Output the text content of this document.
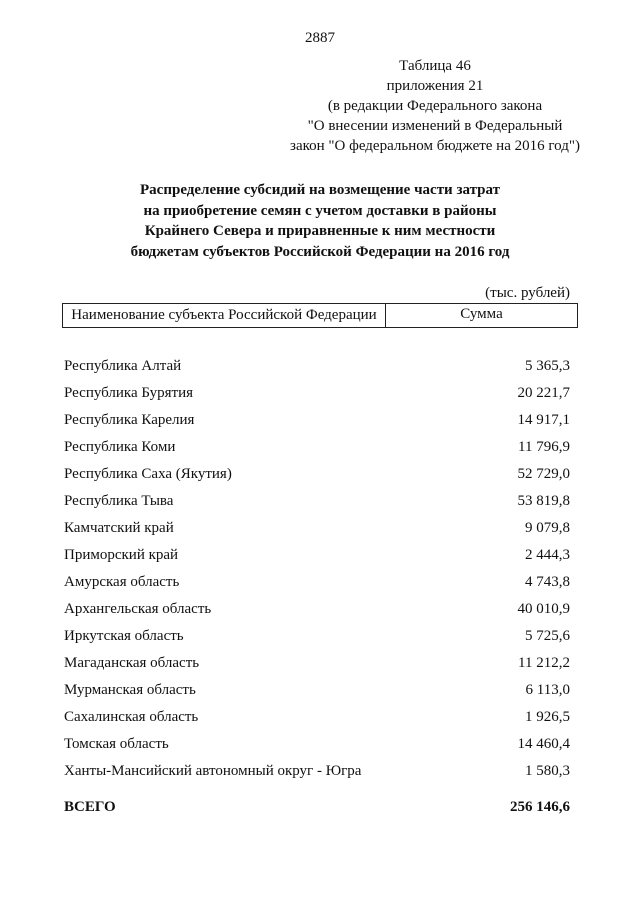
2887
Таблица 46
приложения 21
(в редакции Федерального закона
"О внесении изменений в Федеральный
закон "О федеральном бюджете на 2016 год")
Распределение субсидий на возмещение части затрат
на приобретение семян с учетом доставки в районы
Крайнего Севера и приравненные к ним местности
бюджетам субъектов Российской Федерации на 2016 год
(тыс. рублей)
Наименование субъекта Российской Федерации	Сумма
Республика Алтай	5 365,3
Республика Бурятия	20 221,7
Республика Карелия	14 917,1
Республика Коми	11 796,9
Республика Саха (Якутия)	52 729,0
Республика Тыва	53 819,8
Камчатский край	9 079,8
Приморский край	2 444,3
Амурская область	4 743,8
Архангельская область	40 010,9
Иркутская область	5 725,6
Магаданская область	11 212,2
Мурманская область	6 113,0
Сахалинская область	1 926,5
Томская область	14 460,4
Ханты-Мансийский автономный округ - Югра	1 580,3
ВСЕГО	256 146,6
